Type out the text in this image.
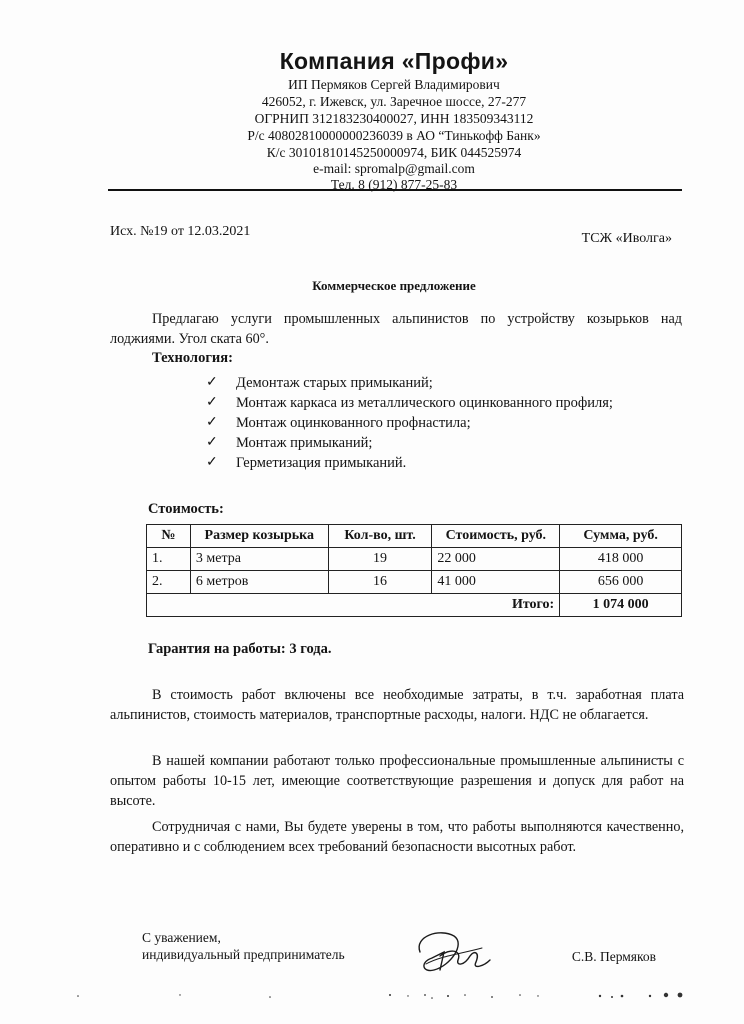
Компания «Профи»
ИП Пермяков Сергей Владимирович
426052, г. Ижевск, ул. Заречное шоссе, 27-277
ОГРНИП 312183230400027, ИНН 183509343112
Р/с 40802810000000236039 в АО “Тинькофф Банк»
К/с 30101810145250000974, БИК 044525974
e-mail: spromalp@gmail.com
Тел. 8 (912) 877-25-83
Исх. №19 от 12.03.2021	ТСЖ «Иволга»
Коммерческое предложение
Предлагаю услуги промышленных альпинистов по устройству козырьков над лоджиями. Угол ската 60°.
Технология:
✓ Демонтаж старых примыканий;
✓ Монтаж каркаса из металлического оцинкованного профиля;
✓ Монтаж оцинкованного профнастила;
✓ Монтаж примыканий;
✓ Герметизация примыканий.
Стоимость:
№	Размер козырька	Кол-во, шт.	Стоимость, руб.	Сумма, руб.
1.	3 метра	19	22 000	418 000
2.	6 метров	16	41 000	656 000
Итого:				1 074 000
Гарантия на работы: 3 года.
В стоимость работ включены все необходимые затраты, в т.ч. заработная плата альпинистов, стоимость материалов, транспортные расходы, налоги. НДС не облагается.
В нашей компании работают только профессиональные промышленные альпинисты с опытом работы 10-15 лет, имеющие соответствующие разрешения и допуск для работ на высоте.
Сотрудничая с нами, Вы будете уверены в том, что работы выполняются качественно, оперативно и с соблюдением всех требований безопасности высотных работ.
С уважением,
индивидуальный предприниматель	С.В. Пермяков
